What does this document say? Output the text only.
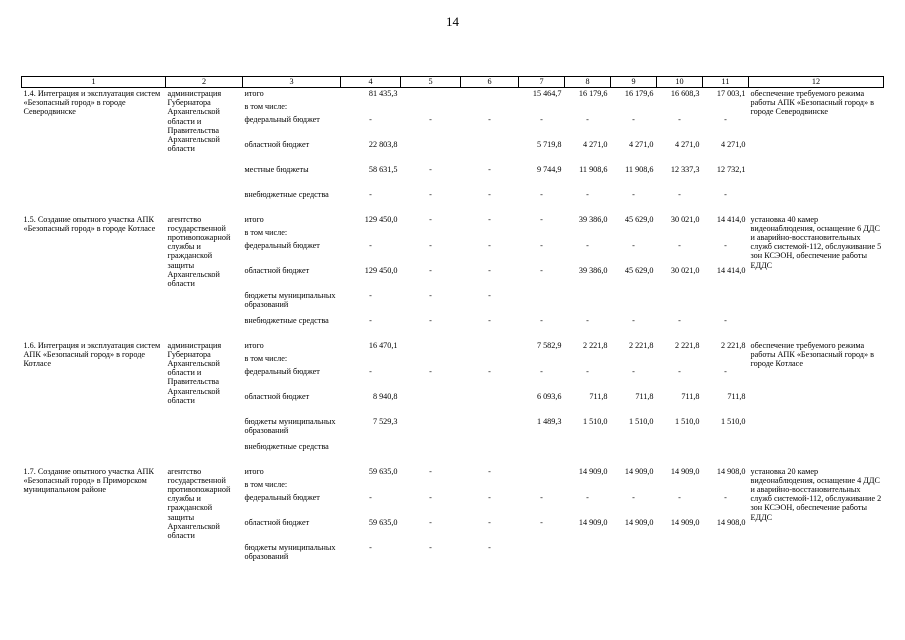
14
1	2	3	4	5	6	7	8	9	10	11	12
1.4. Интеграция и эксплуатация систем «Безопасный город» в городе Северодвинске	администрация Губернатора Архангельской области и Правительства Архангельской области	итого	81 435,3			15 464,7	16 179,6	16 179,6	16 608,3	17 003,1	обеспечение требуемого режима работы АПК «Безопасный город» в городе Северодвинске
		в том числе:									
		федеральный бюджет	-	-	-	-	-	-	-	-	
		областной бюджет	22 803,8			5 719,8	4 271,0	4 271,0	4 271,0	4 271,0	
		местные бюджеты	58 631,5	-	-	9 744,9	11 908,6	11 908,6	12 337,3	12 732,1	
		внебюджетные средства	-	-	-	-	-	-	-	-	
1.5. Создание опытного участка АПК «Безопасный город» в городе Котласе	агентство государственной противопожарной службы и гражданской защиты Архангельской области	итого	129 450,0	-	-	-	39 386,0	45 629,0	30 021,0	14 414,0	установка 40 камер видеонаблюдения, оснащение 6 ДДС и аварийно-восстановительных служб системой-112, обслуживание 5 зон КСЭОН, обеспечение работы ЕДДС
		в том числе:									
		федеральный бюджет	-	-	-	-	-	-	-	-	
		областной бюджет	129 450,0	-	-	-	39 386,0	45 629,0	30 021,0	14 414,0	
		бюджеты муниципальных образований	-	-	-						
		внебюджетные средства	-	-	-	-	-	-	-	-	
1.6. Интеграция и эксплуатация систем АПК «Безопасный город» в городе Котласе	администрация Губернатора Архангельской области и Правительства Архангельской области	итого	16 470,1			7 582,9	2 221,8	2 221,8	2 221,8	2 221,8	обеспечение требуемого режима работы АПК «Безопасный город» в городе Котласе
		в том числе:									
		федеральный бюджет	-	-	-	-	-	-	-	-	
		областной бюджет	8 940,8			6 093,6	711,8	711,8	711,8	711,8	
		бюджеты муниципальных образований	7 529,3			1 489,3	1 510,0	1 510,0	1 510,0	1 510,0	
		внебюджетные средства									
1.7. Создание опытного участка АПК «Безопасный город» в Приморском муниципальном районе	агентство государственной противопожарной службы и гражданской защиты Архангельской области	итого	59 635,0	-	-		14 909,0	14 909,0	14 909,0	14 908,0	установка 20 камер видеонаблюдения, оснащение 4 ДДС и аварийно-восстановительных служб системой-112, обслуживание 2 зон КСЭОН, обеспечение работы ЕДДС
		в том числе:									
		федеральный бюджет	-	-	-	-	-	-	-	-	
		областной бюджет	59 635,0	-	-	-	14 909,0	14 909,0	14 909,0	14 908,0	
		бюджеты муниципальных образований	-	-	-						
